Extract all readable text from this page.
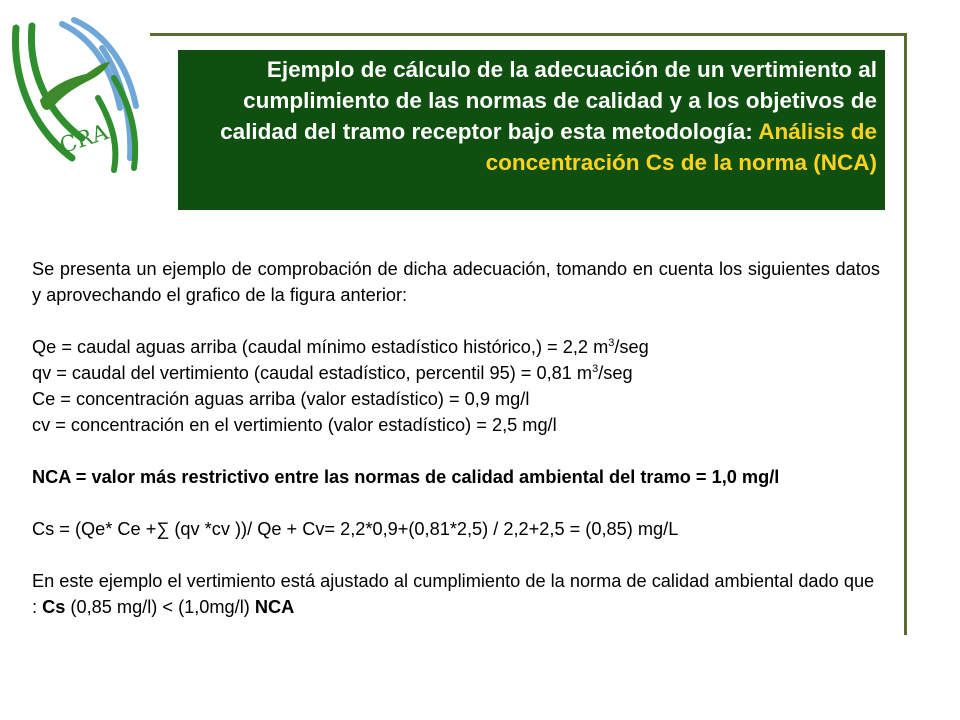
CRA
Ejemplo de cálculo de la adecuación de un vertimiento al cumplimiento de las normas de calidad y a los objetivos de calidad del tramo receptor bajo esta metodología: Análisis de concentración Cs de la norma (NCA)

Se presenta un ejemplo de comprobación de dicha adecuación, tomando en cuenta los siguientes datos y aprovechando el grafico de la figura anterior:

Qe = caudal aguas arriba (caudal mínimo estadístico histórico,) = 2,2 $m^3$/seg

qv = caudal del vertimiento (caudal estadístico, percentil 95) = 0,81 $m^3$/seg

Ce = concentración aguas arriba (valor estadístico) = 0,9 mg/l

cv = concentración en el vertimiento (valor estadístico) = 2,5 mg/l

NCA = valor más restrictivo entre las normas de calidad ambiental del tramo = 1,0 mg/l

Cs = (Qe* Ce +∑ (qv *cv ))/ Qe + Cv= 2,2*0,9+(0,81*2,5) / 2,2+2,5 = (0,85) mg/L

En este ejemplo el vertimiento está ajustado al cumplimiento de la norma de calidad ambiental dado que : Cs (0,85 mg/l) < (1,0mg/l) NCA
